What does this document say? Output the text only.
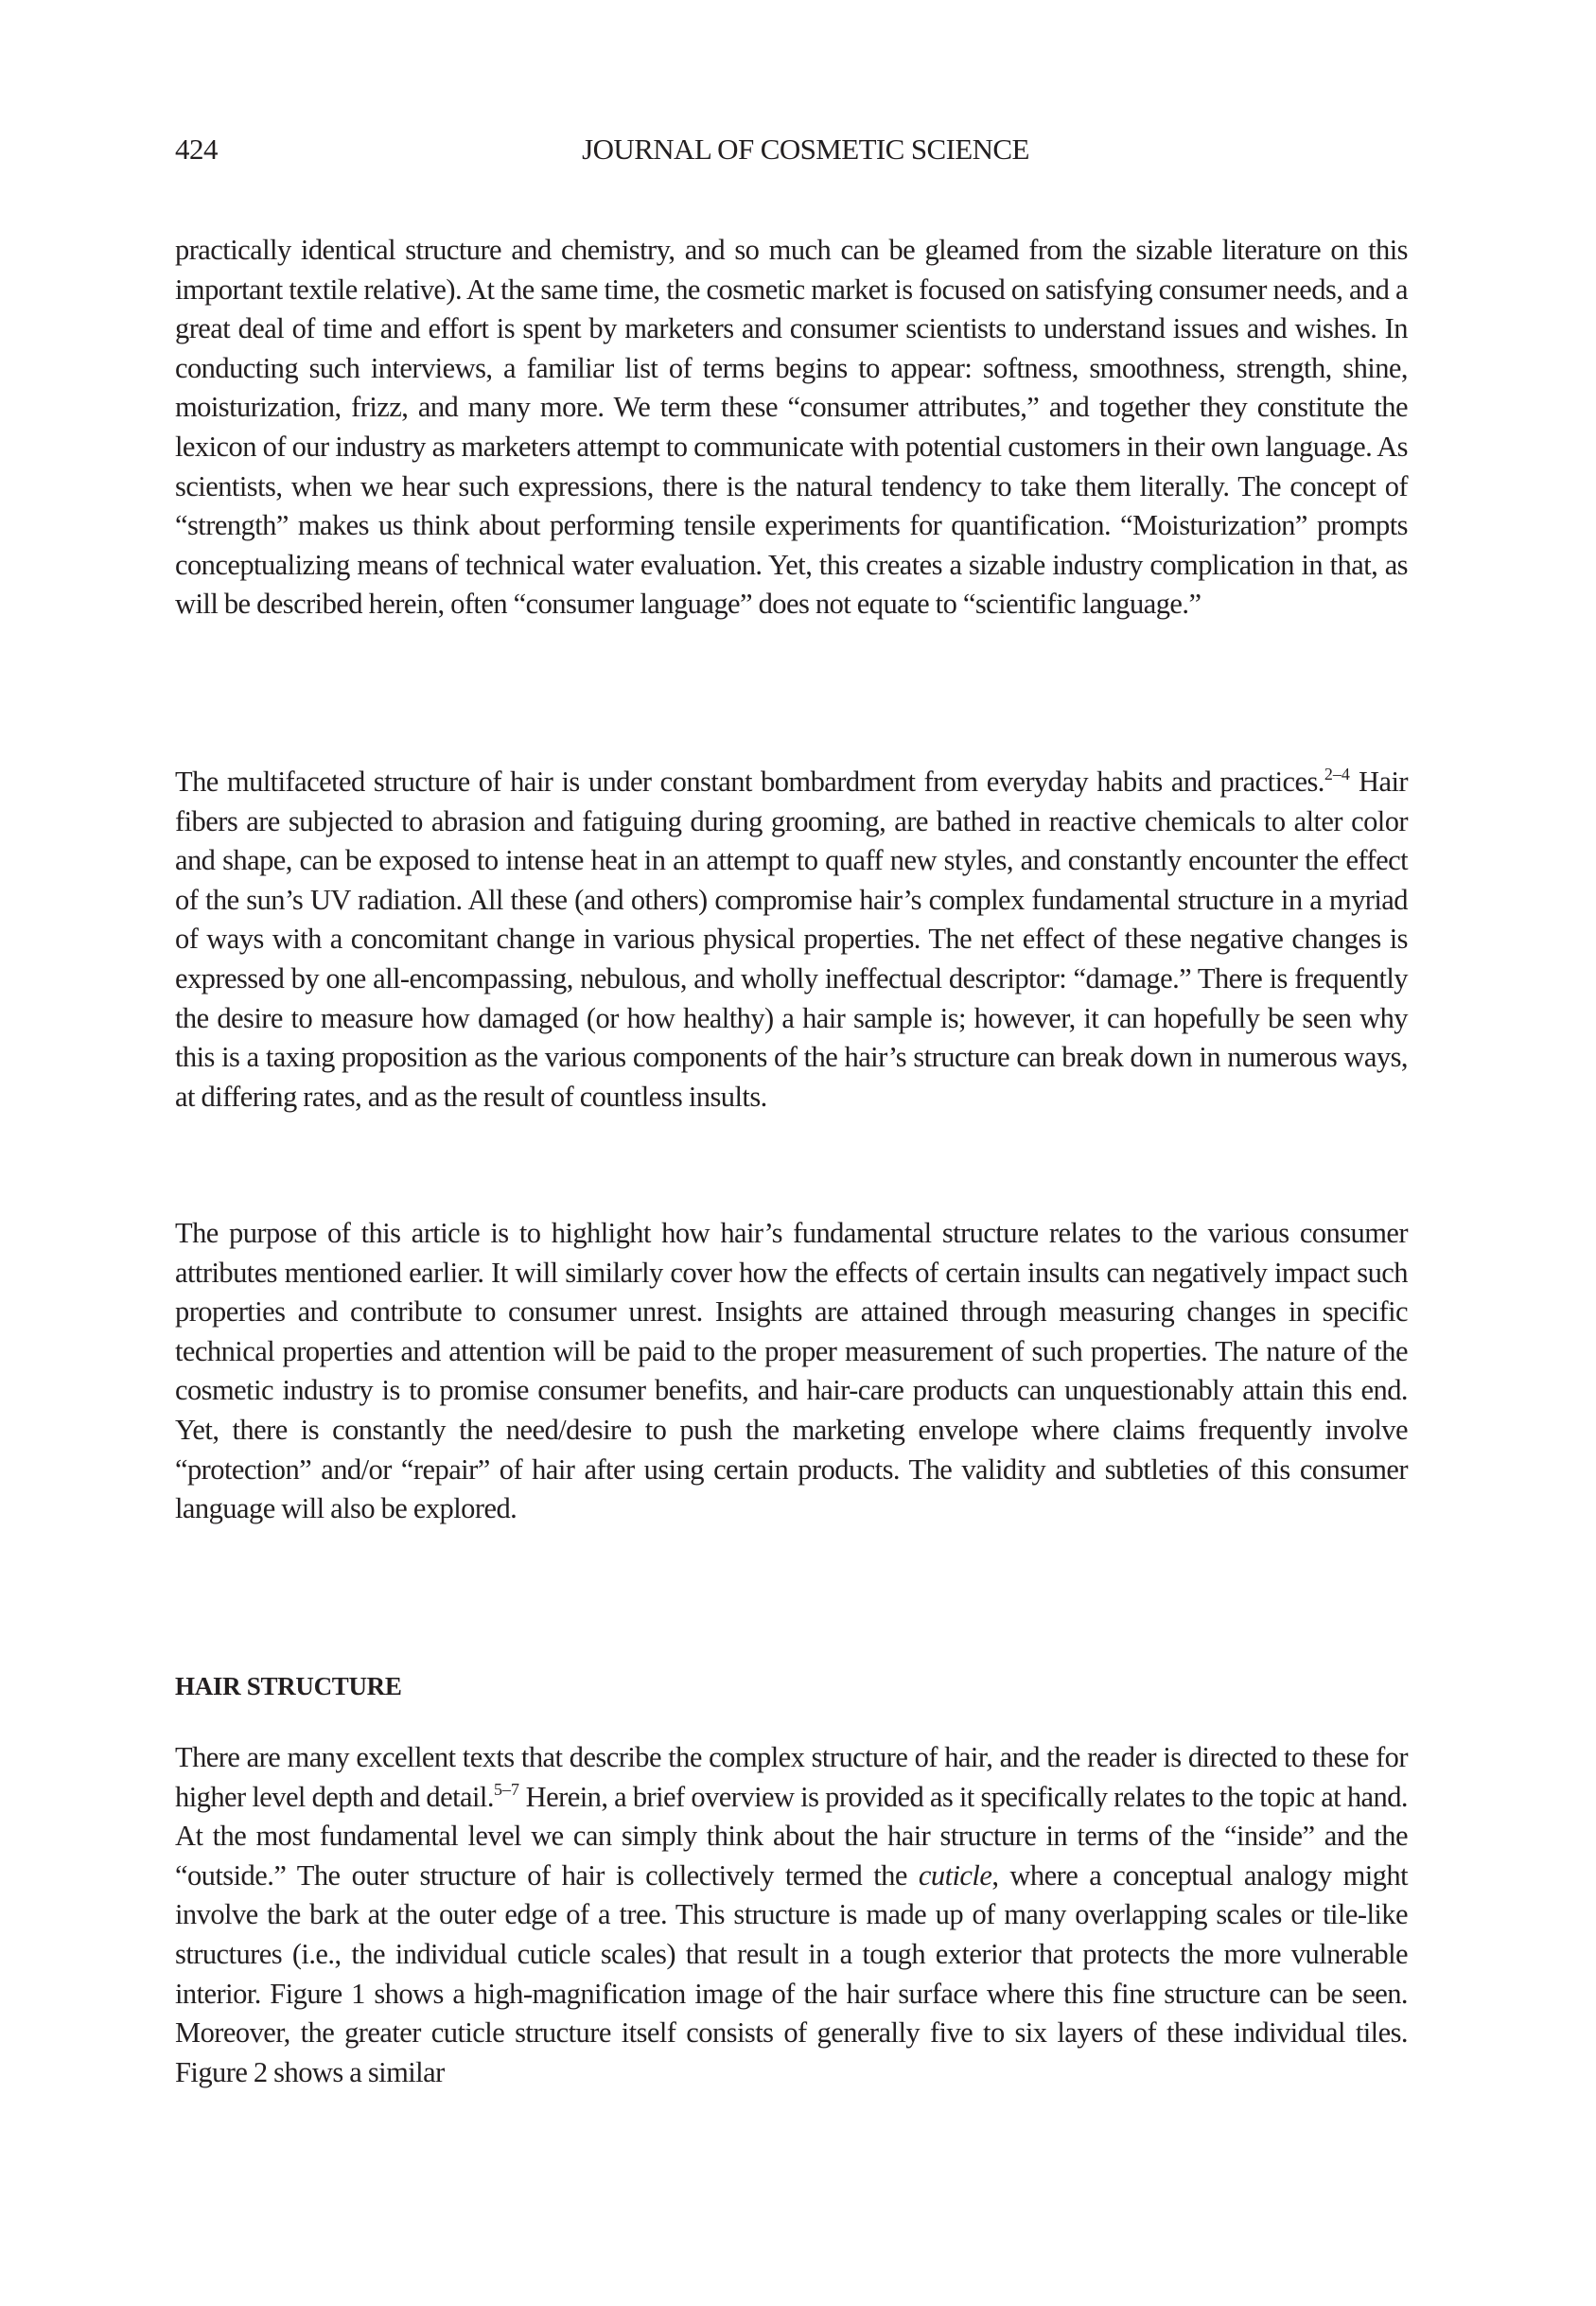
424	JOURNAL OF COSMETIC SCIENCE

practically identical structure and chemistry, and so much can be gleamed from the sizable literature on this important textile relative). At the same time, the cosmetic market is focused on satisfying consumer needs, and a great deal of time and effort is spent by marketers and consumer scientists to understand issues and wishes. In conducting such interviews, a familiar list of terms begins to appear: softness, smoothness, strength, shine, moisturization, frizz, and many more. We term these “consumer attributes,” and together they constitute the lexicon of our industry as marketers attempt to communicate with potential customers in their own language. As scientists, when we hear such expressions, there is the natural tendency to take them literally. The concept of “strength” makes us think about performing tensile experiments for quantification. “Moisturization” prompts conceptualizing means of technical water evaluation. Yet, this creates a sizable industry complication in that, as will be described herein, often “consumer language” does not equate to “scientific language.”

The multifaceted structure of hair is under constant bombardment from everyday habits and practices.$^{2-4}$ Hair fibers are subjected to abrasion and fatiguing during grooming, are bathed in reactive chemicals to alter color and shape, can be exposed to intense heat in an attempt to quaff new styles, and constantly encounter the effect of the sun’s UV radiation. All these (and others) compromise hair’s complex fundamental structure in a myriad of ways with a concomitant change in various physical properties. The net effect of these negative changes is expressed by one all-encompassing, nebulous, and wholly ineffectual descriptor: “damage.” There is frequently the desire to measure how damaged (or how healthy) a hair sample is; however, it can hopefully be seen why this is a taxing proposition as the various components of the hair’s structure can break down in numerous ways, at differing rates, and as the result of countless insults.

The purpose of this article is to highlight how hair’s fundamental structure relates to the various consumer attributes mentioned earlier. It will similarly cover how the effects of certain insults can negatively impact such properties and contribute to consumer unrest. Insights are attained through measuring changes in specific technical properties and attention will be paid to the proper measurement of such properties. The nature of the cosmetic industry is to promise consumer benefits, and hair-care products can unquestionably attain this end. Yet, there is constantly the need/desire to push the marketing envelope where claims frequently involve “protection” and/or “repair” of hair after using certain products. The validity and subtleties of this consumer language will also be explored.

HAIR STRUCTURE

There are many excellent texts that describe the complex structure of hair, and the reader is directed to these for higher level depth and detail.$^{5-7}$ Herein, a brief overview is provided as it specifically relates to the topic at hand. At the most fundamental level we can simply think about the hair structure in terms of the “inside” and the “outside.” The outer structure of hair is collectively termed the cuticle, where a conceptual analogy might involve the bark at the outer edge of a tree. This structure is made up of many overlapping scales or tile-like structures (i.e., the individual cuticle scales) that result in a tough exterior that protects the more vulnerable interior. Figure 1 shows a high-magnification image of the hair surface where this fine structure can be seen. Moreover, the greater cuticle structure itself consists of generally five to six layers of these individual tiles. Figure 2 shows a similar
